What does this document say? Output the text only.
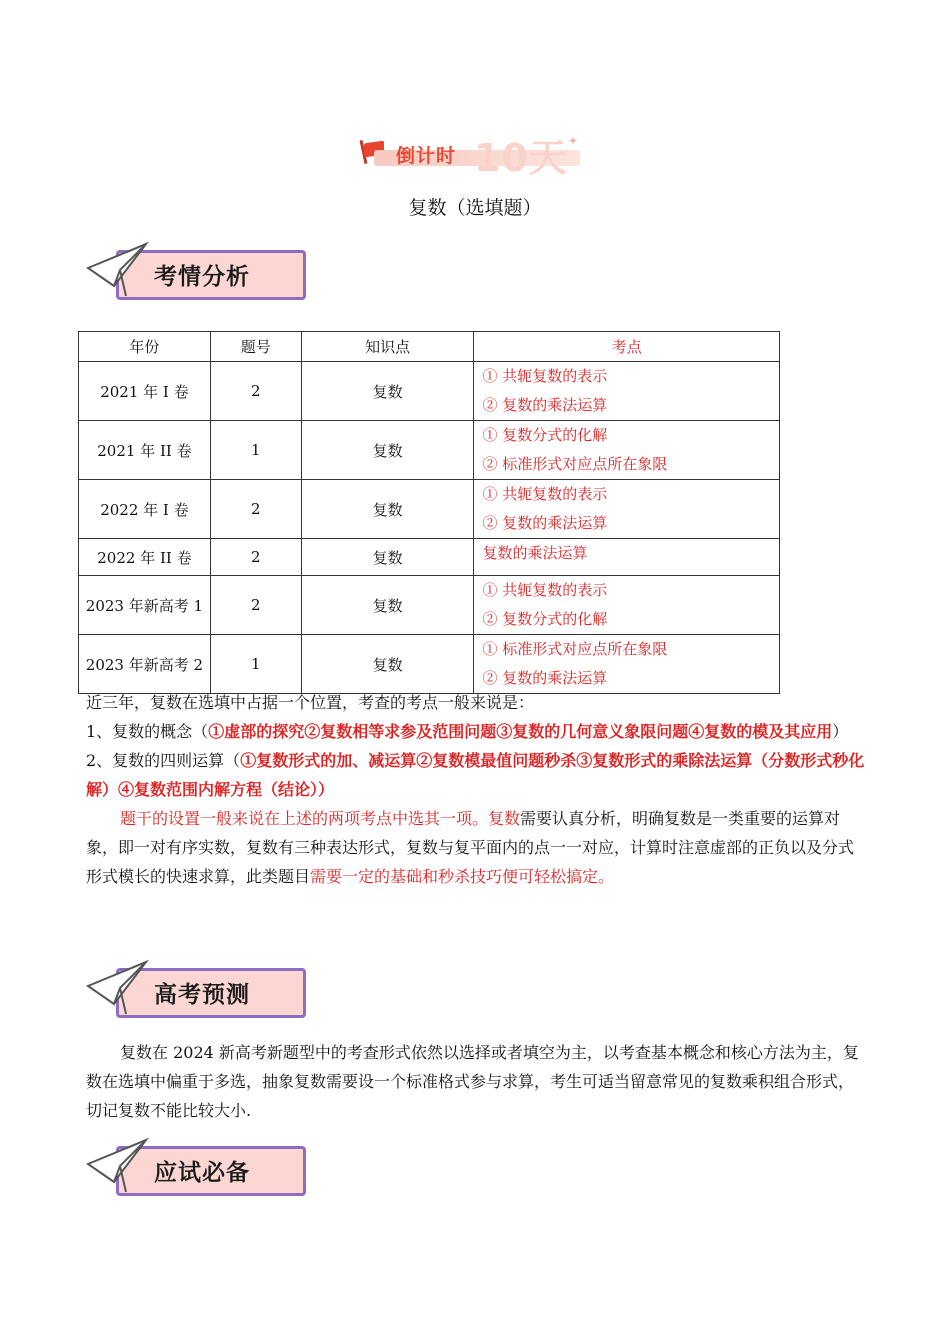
10天
倒计时
✦
复数（选填题）
考情分析
年份	题号	知识点	考点
2021 年 I 卷	2	复数	① 共轭复数的表示
② 复数的乘法运算

2021 年 II 卷	1	复数	① 复数分式的化解
② 标准形式对应点所在象限

2022 年 I 卷	2	复数	① 共轭复数的表示
② 复数的乘法运算

2022 年 II 卷	2	复数	复数的乘法运算

2023 年新高考 1	2	复数	① 共轭复数的表示
② 复数分式的化解

2023 年新高考 2	1	复数	① 标准形式对应点所在象限
② 复数的乘法运算
近三年，复数在选填中占据一个位置，考查的考点一般来说是：
1、复数的概念（①虚部的探究②复数相等求参及范围问题③复数的几何意义象限问题④复数的模及其应用）
2、复数的四则运算（①复数形式的加、减运算②复数模最值问题秒杀③复数形式的乘除法运算（分数形式秒化解）④复数范围内解方程（结论））
题干的设置一般来说在上述的两项考点中选其一项。复数需要认真分析，明确复数是一类重要的运算对象，即一对有序实数，复数有三种表达形式，复数与复平面内的点一一对应，计算时注意虚部的正负以及分式形式模长的快速求算，此类题目需要一定的基础和秒杀技巧便可轻松搞定。
高考预测
复数在 2024 新高考新题型中的考查形式依然以选择或者填空为主，以考查基本概念和核心方法为主，复数在选填中偏重于多选，抽象复数需要设一个标准格式参与求算，考生可适当留意常见的复数乘积组合形式，切记复数不能比较大小.
应试必备
